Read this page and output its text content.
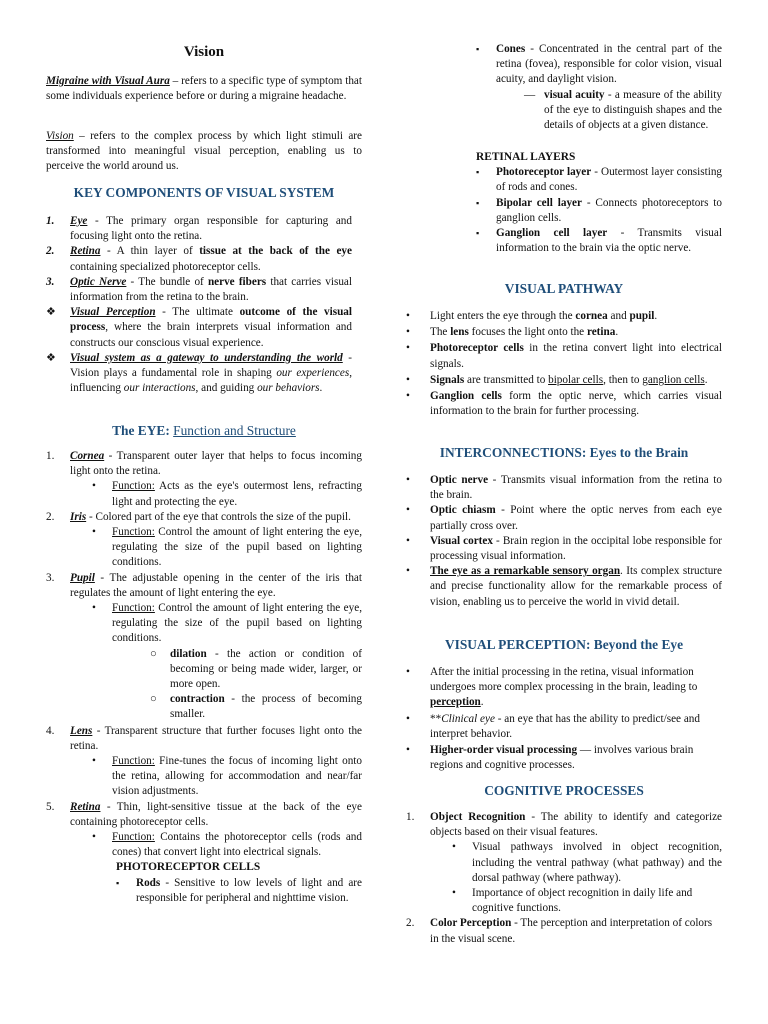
Vision
Migraine with Visual Aura – refers to a specific type of symptom that some individuals experience before or during a migraine headache.
Vision – refers to the complex process by which light stimuli are transformed into meaningful visual perception, enabling us to perceive the world around us.
KEY COMPONENTS OF VISUAL SYSTEM
1.	Eye - The primary organ responsible for capturing and focusing light onto the retina.
2.	Retina - A thin layer of tissue at the back of the eye containing specialized photoreceptor cells.
3.	Optic Nerve - The bundle of nerve fibers that carries visual information from the retina to the brain.
❖	Visual Perception - The ultimate outcome of the visual process, where the brain interprets visual information and constructs our conscious visual experience.
❖	Visual system as a gateway to understanding the world - Vision plays a fundamental role in shaping our experiences, influencing our interactions, and guiding our behaviors.
The EYE: Function and Structure
1.	Cornea - Transparent outer layer that helps to focus incoming light onto the retina.
•	Function: Acts as the eye's outermost lens, refracting light and protecting the eye.
2.	Iris - Colored part of the eye that controls the size of the pupil.
•	Function: Control the amount of light entering the eye, regulating the size of the pupil based on lighting conditions.
3.	Pupil - The adjustable opening in the center of the iris that regulates the amount of light entering the eye.
•	Function: Control the amount of light entering the eye, regulating the size of the pupil based on lighting conditions.
○	dilation - the action or condition of becoming or being made wider, larger, or more open.
○	contraction - the process of becoming smaller.
4.	Lens - Transparent structure that further focuses light onto the retina.
•	Function: Fine-tunes the focus of incoming light onto the retina, allowing for accommodation and near/far vision adjustments.
5.	Retina - Thin, light-sensitive tissue at the back of the eye containing photoreceptor cells.
•	Function: Contains the photoreceptor cells (rods and cones) that convert light into electrical signals.
PHOTORECEPTOR CELLS
▪	Rods - Sensitive to low levels of light and are responsible for peripheral and nighttime vision.
▪	Cones - Concentrated in the central part of the retina (fovea), responsible for color vision, visual acuity, and daylight vision.
— visual acuity - a measure of the ability of the eye to distinguish shapes and the details of objects at a given distance.
RETINAL LAYERS
▪	Photoreceptor layer - Outermost layer consisting of rods and cones.
▪	Bipolar cell layer - Connects photoreceptors to ganglion cells.
▪	Ganglion cell layer - Transmits visual information to the brain via the optic nerve.
VISUAL PATHWAY
•	Light enters the eye through the cornea and pupil.
•	The lens focuses the light onto the retina.
•	Photoreceptor cells in the retina convert light into electrical signals.
•	Signals are transmitted to bipolar cells, then to ganglion cells.
•	Ganglion cells form the optic nerve, which carries visual information to the brain for further processing.
INTERCONNECTIONS: Eyes to the Brain
•	Optic nerve - Transmits visual information from the retina to the brain.
•	Optic chiasm - Point where the optic nerves from each eye partially cross over.
•	Visual cortex - Brain region in the occipital lobe responsible for processing visual information.
•	The eye as a remarkable sensory organ. Its complex structure and precise functionality allow for the remarkable process of vision, enabling us to perceive the world in vivid detail.
VISUAL PERCEPTION: Beyond the Eye
•	After the initial processing in the retina, visual information undergoes more complex processing in the brain, leading to perception.
•	**Clinical eye - an eye that has the ability to predict/see and interpret behavior.
•	Higher-order visual processing — involves various brain regions and cognitive processes.
COGNITIVE PROCESSES
1.	Object Recognition - The ability to identify and categorize objects based on their visual features.
•	Visual pathways involved in object recognition, including the ventral pathway (what pathway) and the dorsal pathway (where pathway).
•	Importance of object recognition in daily life and cognitive functions.
2.	Color Perception - The perception and interpretation of colors in the visual scene.
